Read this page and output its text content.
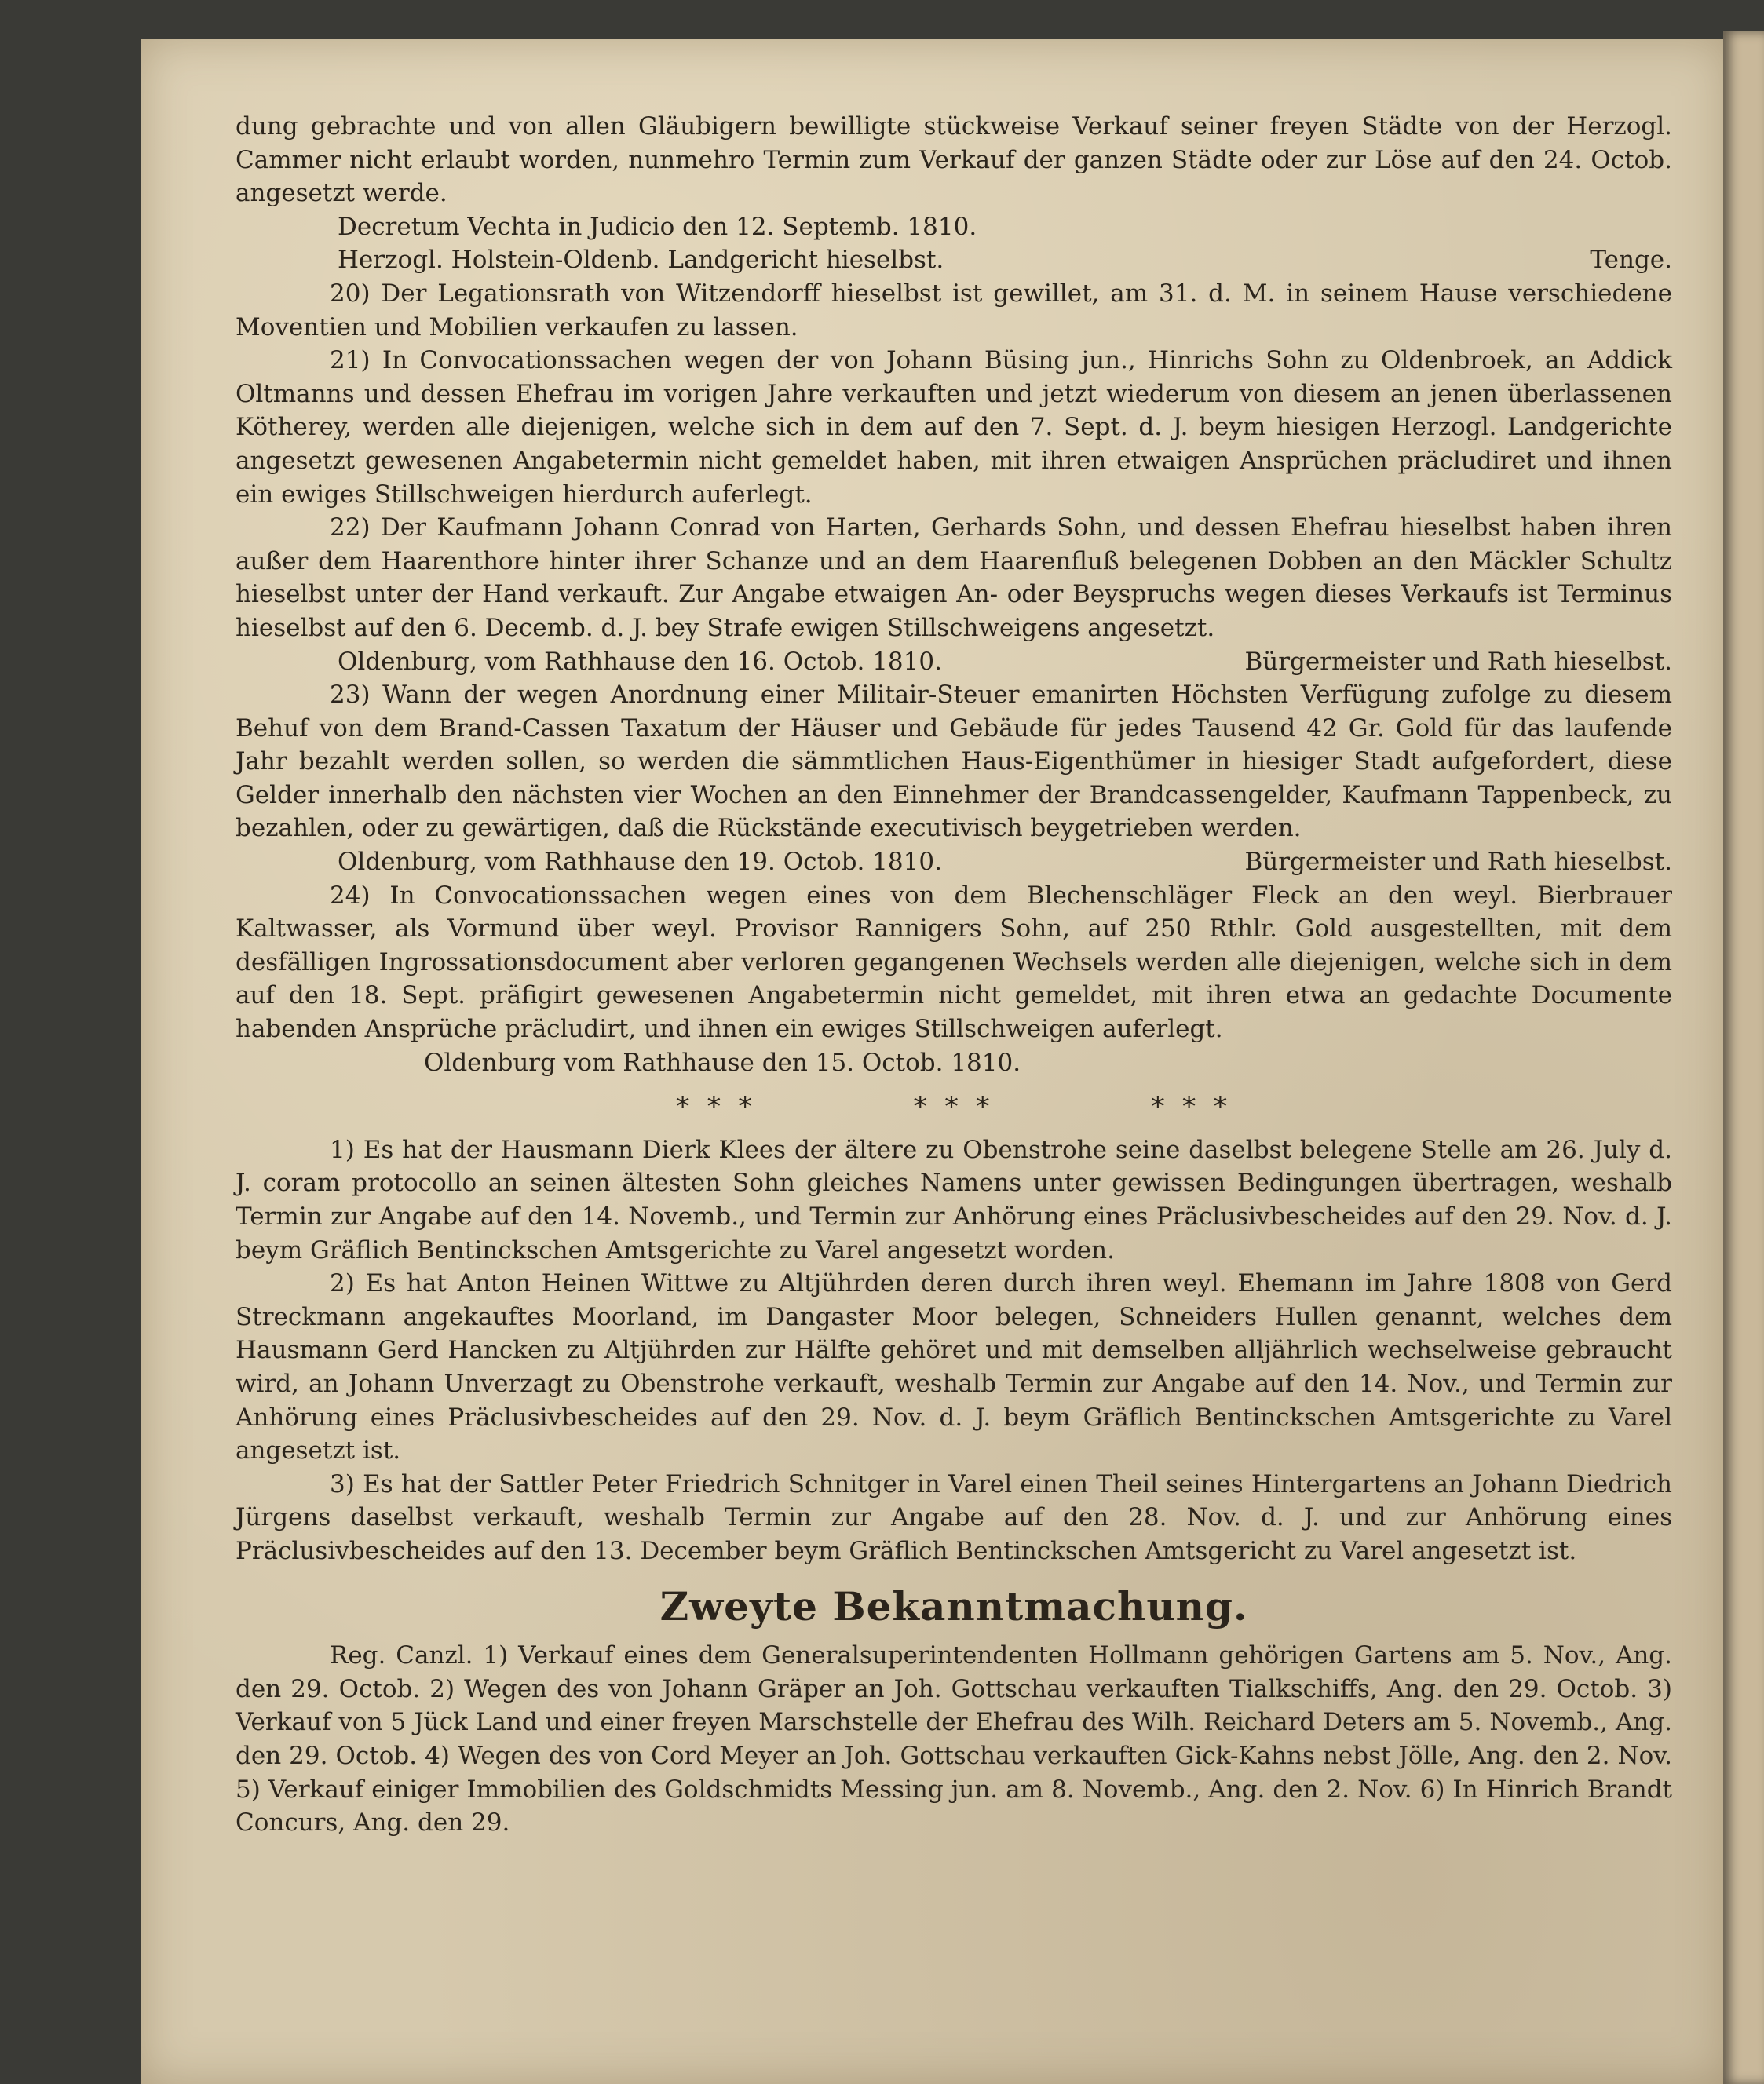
dung gebrachte und von allen Gläubigern bewilligte stückweise Verkauf seiner freyen Städte von der Herzogl. Cammer nicht erlaubt worden, nunmehro Termin zum Verkauf der ganzen Städte oder zur Löse auf den 24. Octob. angesetzt werde.

Decretum Vechta in Judicio den 12. Septemb. 1810.

Herzogl. Holstein-Oldenb. Landgericht hieselbst.	Tenge.

20) Der Legationsrath von Witzendorff hieselbst ist gewillet, am 31. d. M. in seinem Hause verschiedene Moventien und Mobilien verkaufen zu lassen.

21) In Convocationssachen wegen der von Johann Büsing jun., Hinrichs Sohn zu Oldenbroek, an Addick Oltmanns und dessen Ehefrau im vorigen Jahre verkauften und jetzt wiederum von diesem an jenen überlassenen Kötherey, werden alle diejenigen, welche sich in dem auf den 7. Sept. d. J. beym hiesigen Herzogl. Landgerichte angesetzt gewesenen Angabetermin nicht gemeldet haben, mit ihren etwaigen Ansprüchen präcludiret und ihnen ein ewiges Stillschweigen hierdurch auferlegt.

22) Der Kaufmann Johann Conrad von Harten, Gerhards Sohn, und dessen Ehefrau hieselbst haben ihren außer dem Haarenthore hinter ihrer Schanze und an dem Haarenfluß belegenen Dobben an den Mäckler Schultz hieselbst unter der Hand verkauft. Zur Angabe etwaigen An- oder Beyspruchs wegen dieses Verkaufs ist Terminus hieselbst auf den 6. Decemb. d. J. bey Strafe ewigen Stillschweigens angesetzt.

Oldenburg, vom Rathhause den 16. Octob. 1810.	Bürgermeister und Rath hieselbst.

23) Wann der wegen Anordnung einer Militair-Steuer emanirten Höchsten Verfügung zufolge zu diesem Behuf von dem Brand-Cassen Taxatum der Häuser und Gebäude für jedes Tausend 42 Gr. Gold für das laufende Jahr bezahlt werden sollen, so werden die sämmtlichen Haus-Eigenthümer in hiesiger Stadt aufgefordert, diese Gelder innerhalb den nächsten vier Wochen an den Einnehmer der Brandcassengelder, Kaufmann Tappenbeck, zu bezahlen, oder zu gewärtigen, daß die Rückstände executivisch beygetrieben werden.

Oldenburg, vom Rathhause den 19. Octob. 1810.	Bürgermeister und Rath hieselbst.

24) In Convocationssachen wegen eines von dem Blechenschläger Fleck an den weyl. Bierbrauer Kaltwasser, als Vormund über weyl. Provisor Rannigers Sohn, auf 250 Rthlr. Gold ausgestellten, mit dem desfälligen Ingrossationsdocument aber verloren gegangenen Wechsels werden alle diejenigen, welche sich in dem auf den 18. Sept. präfigirt gewesenen Angabetermin nicht gemeldet, mit ihren etwa an gedachte Documente habenden Ansprüche präcludirt, und ihnen ein ewiges Stillschweigen auferlegt.

Oldenburg vom Rathhause den 15. Octob. 1810.

* * *	* * *	* * *

1) Es hat der Hausmann Dierk Klees der ältere zu Obenstrohe seine daselbst belegene Stelle am 26. July d. J. coram protocollo an seinen ältesten Sohn gleiches Namens unter gewissen Bedingungen übertragen, weshalb Termin zur Angabe auf den 14. Novemb., und Termin zur Anhörung eines Präclusivbescheides auf den 29. Nov. d. J. beym Gräflich Bentinckschen Amtsgerichte zu Varel angesetzt worden.

2) Es hat Anton Heinen Wittwe zu Altjührden deren durch ihren weyl. Ehemann im Jahre 1808 von Gerd Streckmann angekauftes Moorland, im Dangaster Moor belegen, Schneiders Hullen genannt, welches dem Hausmann Gerd Hancken zu Altjührden zur Hälfte gehöret und mit demselben alljährlich wechselweise gebraucht wird, an Johann Unverzagt zu Obenstrohe verkauft, weshalb Termin zur Angabe auf den 14. Nov., und Termin zur Anhörung eines Präclusivbescheides auf den 29. Nov. d. J. beym Gräflich Bentinckschen Amtsgerichte zu Varel angesetzt ist.

3) Es hat der Sattler Peter Friedrich Schnitger in Varel einen Theil seines Hintergartens an Johann Diedrich Jürgens daselbst verkauft, weshalb Termin zur Angabe auf den 28. Nov. d. J. und zur Anhörung eines Präclusivbescheides auf den 13. December beym Gräflich Bentinckschen Amtsgericht zu Varel angesetzt ist.

Zweyte Bekanntmachung.

Reg. Canzl. 1) Verkauf eines dem Generalsuperintendenten Hollmann gehörigen Gartens am 5. Nov., Ang. den 29. Octob. 2) Wegen des von Johann Gräper an Joh. Gottschau verkauften Tialkschiffs, Ang. den 29. Octob. 3) Verkauf von 5 Jück Land und einer freyen Marschstelle der Ehefrau des Wilh. Reichard Deters am 5. Novemb., Ang. den 29. Octob. 4) Wegen des von Cord Meyer an Joh. Gottschau verkauften Gick-Kahns nebst Jölle, Ang. den 2. Nov. 5) Verkauf einiger Immobilien des Goldschmidts Messing jun. am 8. Novemb., Ang. den 2. Nov. 6) In Hinrich Brandt Concurs, Ang. den 29.
